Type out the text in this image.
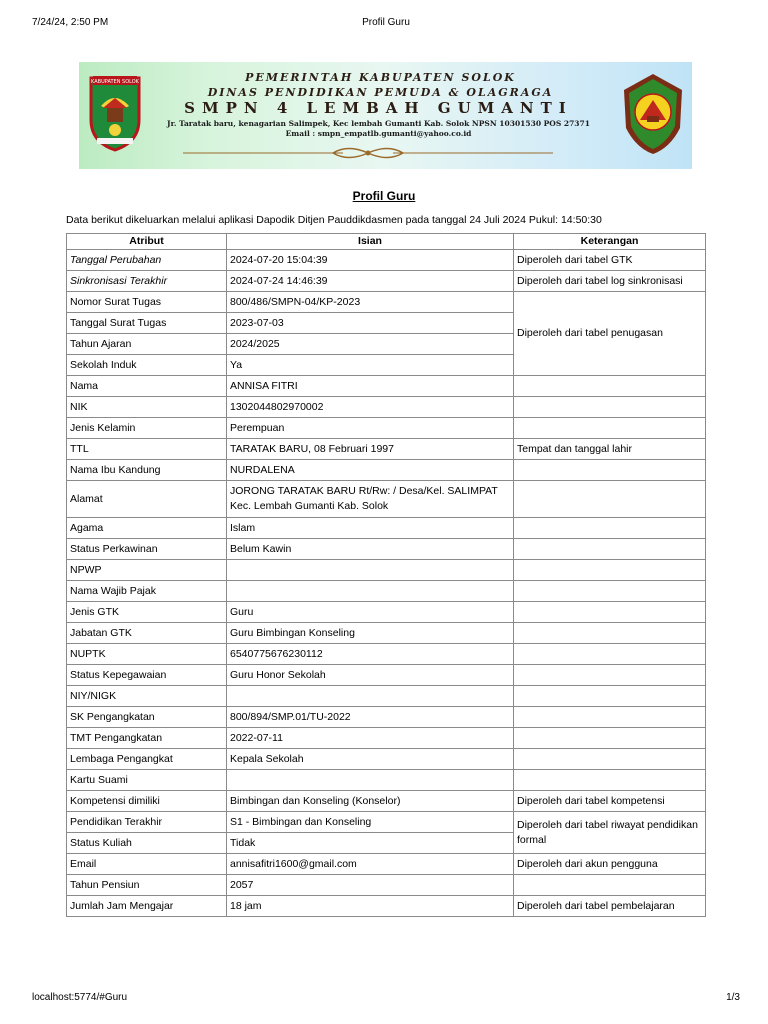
7/24/24, 2:50 PM	Profil Guru
KABUPATEN SOLOK	PEMERINTAH KABUPATEN SOLOK
DINAS PENDIDIKAN PEMUDA & OLAGRAGA
SMPN 4 LEMBAH GUMANTI
Jr. Taratak baru, kenagarian Salimpek, Kec lembah Gumanti Kab. Solok NPSN 10301530 POS 27371
Email : smpn_empatlb.gumanti@yahoo.co.id
Profil Guru
Data berikut dikeluarkan melalui aplikasi Dapodik Ditjen Pauddikdasmen pada tanggal 24 Juli 2024 Pukul: 14:50:30
Atribut	Isian	Keterangan
Tanggal Perubahan	2024-07-20 15:04:39	Diperoleh dari tabel GTK
Sinkronisasi Terakhir	2024-07-24 14:46:39	Diperoleh dari tabel log sinkronisasi
Nomor Surat Tugas	800/486/SMPN-04/KP-2023	Diperoleh dari tabel penugasan
Tanggal Surat Tugas	2023-07-03	
Tahun Ajaran	2024/2025	
Sekolah Induk	Ya	
Nama	ANNISA FITRI	
NIK	1302044802970002	
Jenis Kelamin	Perempuan	
TTL	TARATAK BARU, 08 Februari 1997	Tempat dan tanggal lahir
Nama Ibu Kandung	NURDALENA	
Alamat	JORONG TARATAK BARU Rt/Rw: / Desa/Kel. SALIMPAT Kec. Lembah Gumanti Kab. Solok	
Agama	Islam	
Status Perkawinan	Belum Kawin	
NPWP		
Nama Wajib Pajak		
Jenis GTK	Guru	
Jabatan GTK	Guru Bimbingan Konseling	
NUPTK	6540775676230112	
Status Kepegawaian	Guru Honor Sekolah	
NIY/NIGK		
SK Pengangkatan	800/894/SMP.01/TU-2022	
TMT Pengangkatan	2022-07-11	
Lembaga Pengangkat	Kepala Sekolah	
Kartu Suami		
Kompetensi dimiliki	Bimbingan dan Konseling (Konselor)	Diperoleh dari tabel kompetensi
Pendidikan Terakhir	S1 - Bimbingan dan Konseling	Diperoleh dari tabel riwayat pendidikan formal
Status Kuliah	Tidak	
Email	annisafitri1600@gmail.com	Diperoleh dari akun pengguna
Tahun Pensiun	2057	
Jumlah Jam Mengajar	18 jam	Diperoleh dari tabel pembelajaran
localhost:5774/#Guru	1/3
